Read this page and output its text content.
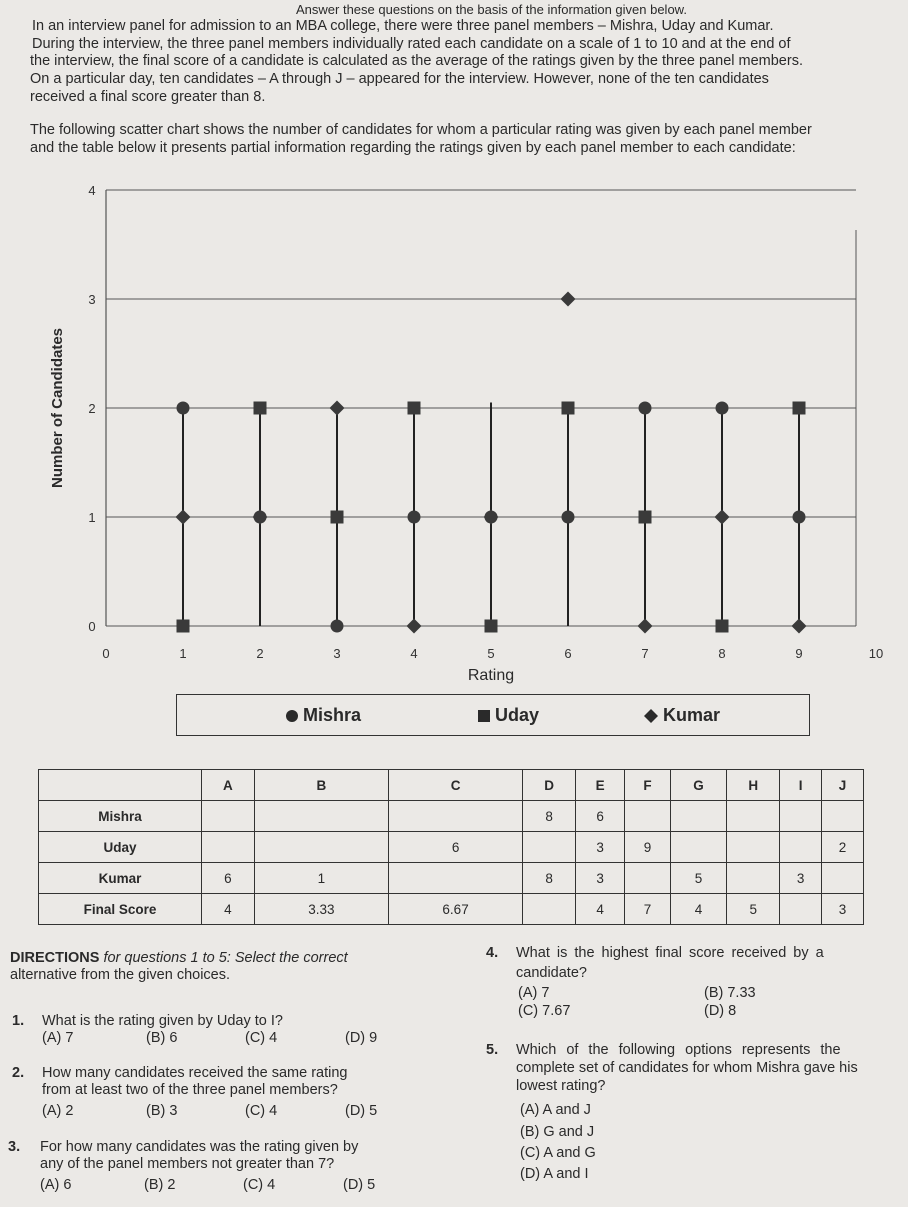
Answer these questions on the basis of the information given below.
In an interview panel for admission to an MBA college, there were three panel members – Mishra, Uday and Kumar.
During the interview, the three panel members individually rated each candidate on a scale of 1 to 10 and at the end of
the interview, the final score of a candidate is calculated as the average of the ratings given by the three panel members.
On a particular day, ten candidates – A through J – appeared for the interview. However, none of the ten candidates
received a final score greater than 8.
The following scatter chart shows the number of candidates for whom a particular rating was given by each panel member
and the table below it presents partial information regarding the ratings given by each panel member to each candidate:
0	1	2	3	4	5	6	7	8	9	10
0
1
2
3
4
Rating
Number of Candidates
Mishra	Uday	Kumar
	A	B	C	D	E	F	G	H	I	J
Mishra				8	6					
Uday			6		3	9				2
Kumar	6	1		8	3		5		3	
Final Score	4	3.33	6.67		4	7	4	5		3
DIRECTIONS for questions 1 to 5: Select the correct
alternative from the given choices.
1. What is the rating given by Uday to I?
(A) 7	(B) 6	(C) 4	(D) 9
2. How many candidates received the same rating
from at least two of the three panel members?
(A) 2	(B) 3	(C) 4	(D) 5
3. For how many candidates was the rating given by
any of the panel members not greater than 7?
(A) 6	(B) 2	(C) 4	(D) 5
4. What is the highest final score received by a
candidate?
(A) 7	(B) 7.33
(C) 7.67	(D) 8
5. Which of the following options represents the
complete set of candidates for whom Mishra gave his
lowest rating?
(A) A and J
(B) G and J
(C) A and G
(D) A and I
